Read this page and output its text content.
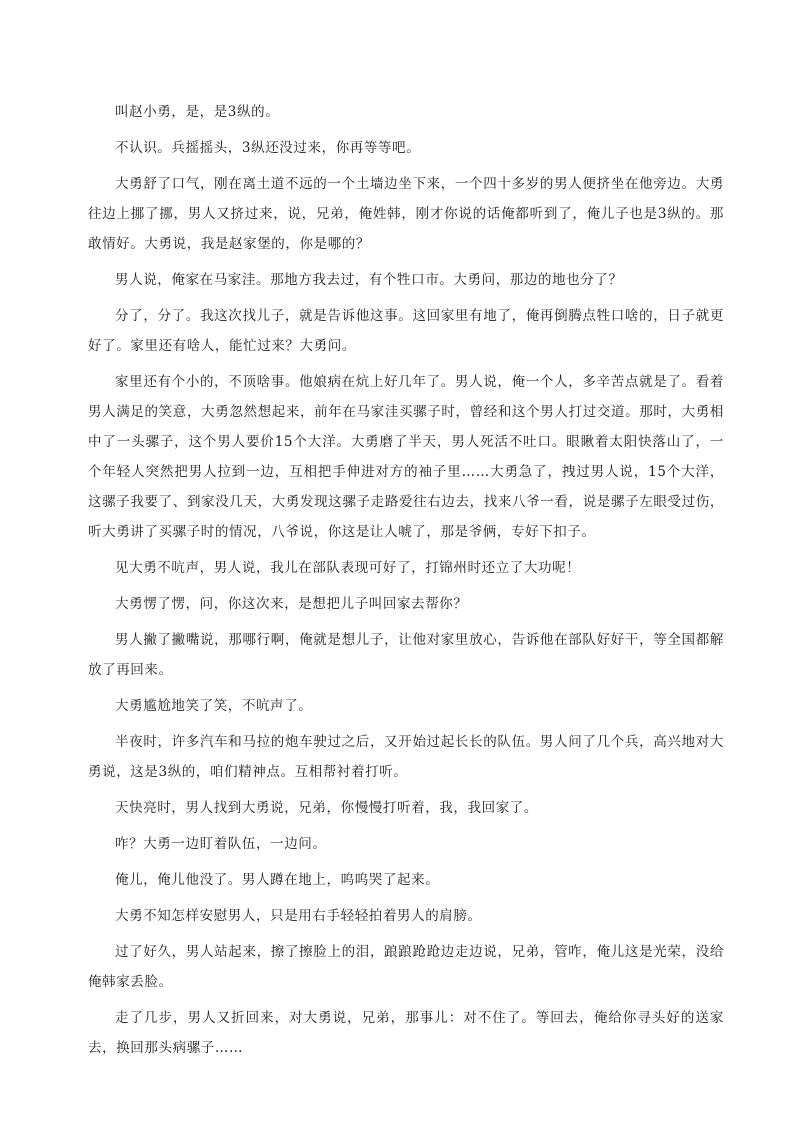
叫赵小勇，是，是3纵的。

不认识。兵摇摇头，3纵还没过来，你再等等吧。

大勇舒了口气，刚在离土道不远的一个土墙边坐下来，一个四十多岁的男人便挤坐在他旁边。大勇往边上挪了挪，男人又挤过来，说，兄弟，俺姓韩，刚才你说的话俺都听到了，俺儿子也是3纵的。那敢情好。大勇说，我是赵家堡的，你是哪的？

男人说，俺家在马家洼。那地方我去过，有个牲口市。大勇问，那边的地也分了？

分了，分了。我这次找儿子，就是告诉他这事。这回家里有地了，俺再倒腾点牲口啥的，日子就更好了。家里还有啥人，能忙过来？大勇问。

家里还有个小的，不顶啥事。他娘病在炕上好几年了。男人说，俺一个人，多辛苦点就是了。看着男人满足的笑意，大勇忽然想起来，前年在马家洼买骡子时，曾经和这个男人打过交道。那时，大勇相中了一头骡子，这个男人要价15个大洋。大勇磨了半天，男人死活不吐口。眼瞅着太阳快落山了，一个年轻人突然把男人拉到一边，互相把手伸进对方的袖子里……大勇急了，拽过男人说，15个大洋，这骡子我要了、到家没几天，大勇发现这骡子走路爱往右边去，找来八爷一看，说是骡子左眼受过伤，听大勇讲了买骡子时的情况，八爷说，你这是让人唬了，那是爷俩，专好下扣子。

见大勇不吭声，男人说，我儿在部队表现可好了，打锦州时还立了大功呢！

大勇愣了愣，问，你这次来，是想把儿子叫回家去帮你？

男人撇了撇嘴说，那哪行啊，俺就是想儿子，让他对家里放心，告诉他在部队好好干，等全国都解放了再回来。

大勇尴尬地笑了笑，不吭声了。

半夜时，许多汽车和马拉的炮车驶过之后，又开始过起长长的队伍。男人问了几个兵，高兴地对大勇说，这是3纵的，咱们精神点。互相帮衬着打听。

天快亮时，男人找到大勇说，兄弟，你慢慢打听着，我，我回家了。

咋？大勇一边盯着队伍，一边问。

俺儿，俺儿他没了。男人蹲在地上，呜呜哭了起来。

大勇不知怎样安慰男人，只是用右手轻轻拍着男人的肩膀。

过了好久，男人站起来，擦了擦脸上的泪，踉踉跄跄边走边说，兄弟，管咋，俺儿这是光荣，没给俺韩家丢脸。

走了几步，男人又折回来，对大勇说，兄弟，那事儿：对不住了。等回去，俺给你寻头好的送家去，换回那头病骡子……
